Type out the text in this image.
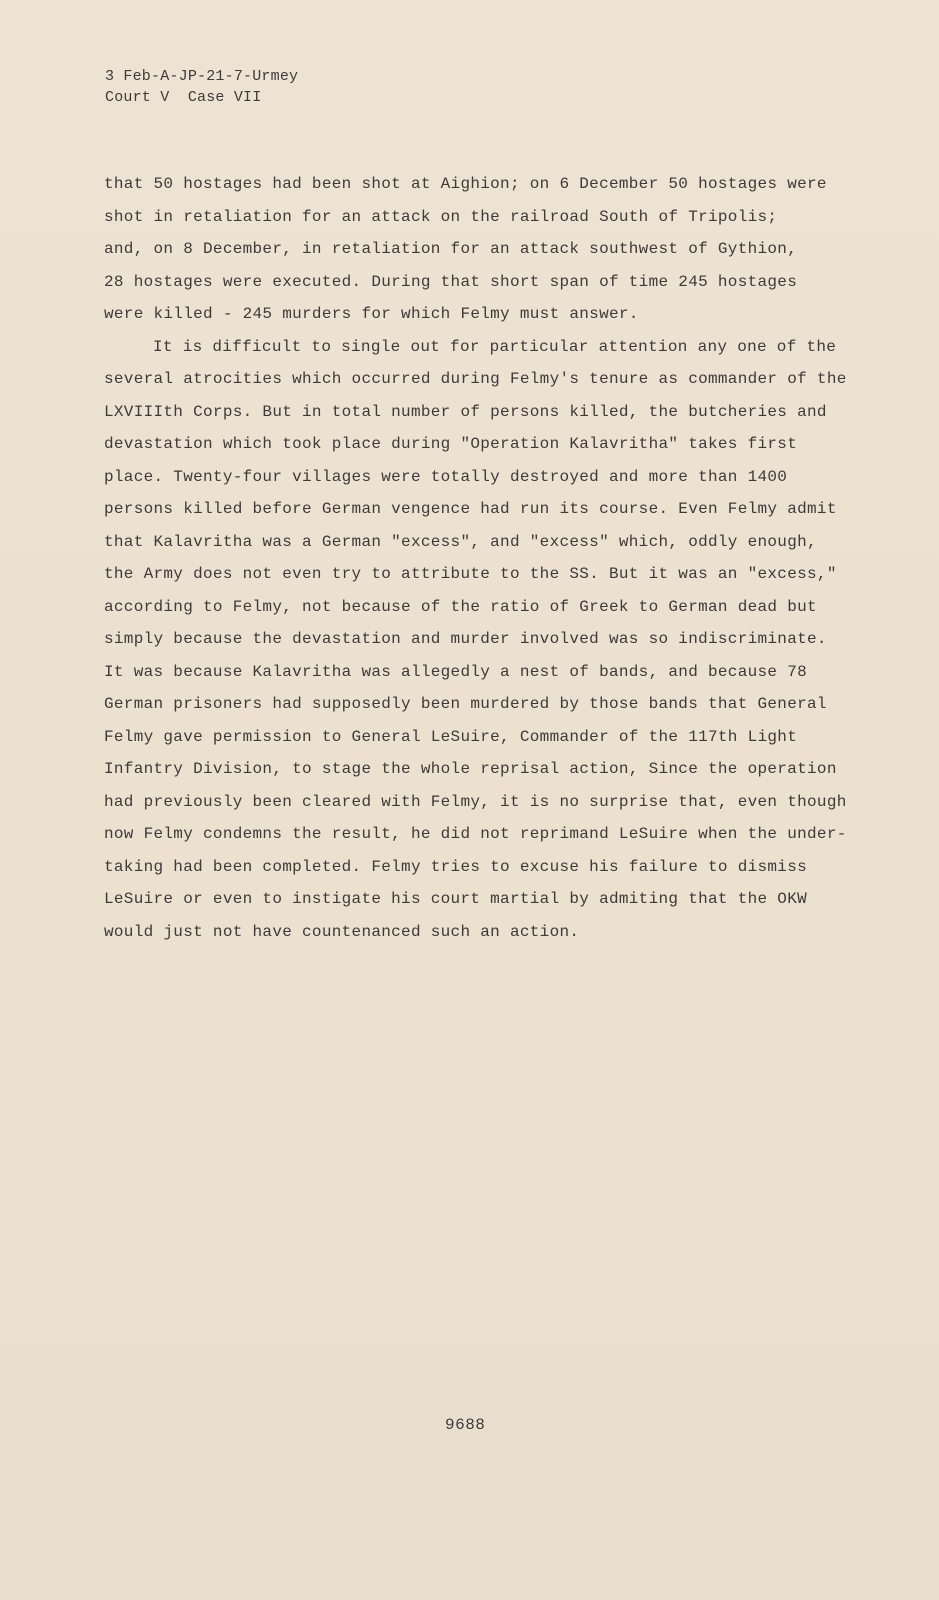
3 Feb-A-JP-21-7-Urmey
Court V  Case VII
that 50 hostages had been shot at Aighion; on 6 December 50 hostages were
shot in retaliation for an attack on the railroad South of Tripolis;
and, on 8 December, in retaliation for an attack southwest of Gythion,
28 hostages were executed. During that short span of time 245 hostages
were killed - 245 murders for which Felmy must answer.
It is difficult to single out for particular attention any one of the
several atrocities which occurred during Felmy's tenure as commander of the
LXVIIIth Corps. But in total number of persons killed, the butcheries and
devastation which took place during "Operation Kalavritha" takes first
place. Twenty-four villages were totally destroyed and more than 1400
persons killed before German vengence had run its course. Even Felmy admit
that Kalavritha was a German "excess", and "excess" which, oddly enough,
the Army does not even try to attribute to the SS. But it was an "excess,"
according to Felmy, not because of the ratio of Greek to German dead but
simply because the devastation and murder involved was so indiscriminate.
It was because Kalavritha was allegedly a nest of bands, and because 78
German prisoners had supposedly been murdered by those bands that General
Felmy gave permission to General LeSuire, Commander of the 117th Light
Infantry Division, to stage the whole reprisal action, Since the operation
had previously been cleared with Felmy, it is no surprise that, even though
now Felmy condemns the result, he did not reprimand LeSuire when the under-
taking had been completed. Felmy tries to excuse his failure to dismiss
LeSuire or even to instigate his court martial by admiting that the OKW
would just not have countenanced such an action.
9688
